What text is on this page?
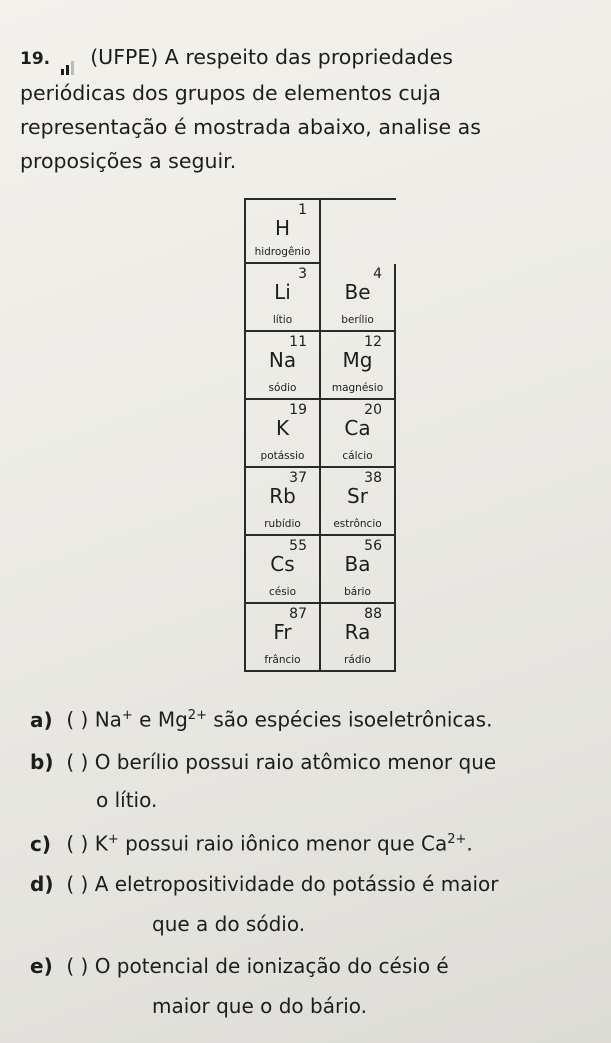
19. (UFPE) A respeito das propriedades
periódicas dos grupos de elementos cuja
representação é mostrada abaixo, analise as
proposições a seguir.
1
H
hidrogênio
3
Li
lítio
4
Be
berílio
11
Na
sódio
12
Mg
magnésio
19
K
potássio
20
Ca
cálcio
37
Rb
rubídio
38
Sr
estrôncio
55
Cs
césio
56
Ba
bário
87
Fr
frâncio
88
Ra
rádio
a) ( ) Na+ e $Mg^{2+}$ são espécies isoeletrônicas.
b) ( ) O berílio possui raio atômico menor que
o lítio.
c) ( ) K+ possui raio iônico menor que $Ca^{2+}$.
d) ( ) A eletropositividade do potássio é maior
que a do sódio.
e) ( ) O potencial de ionização do césio é
maior que o do bário.
